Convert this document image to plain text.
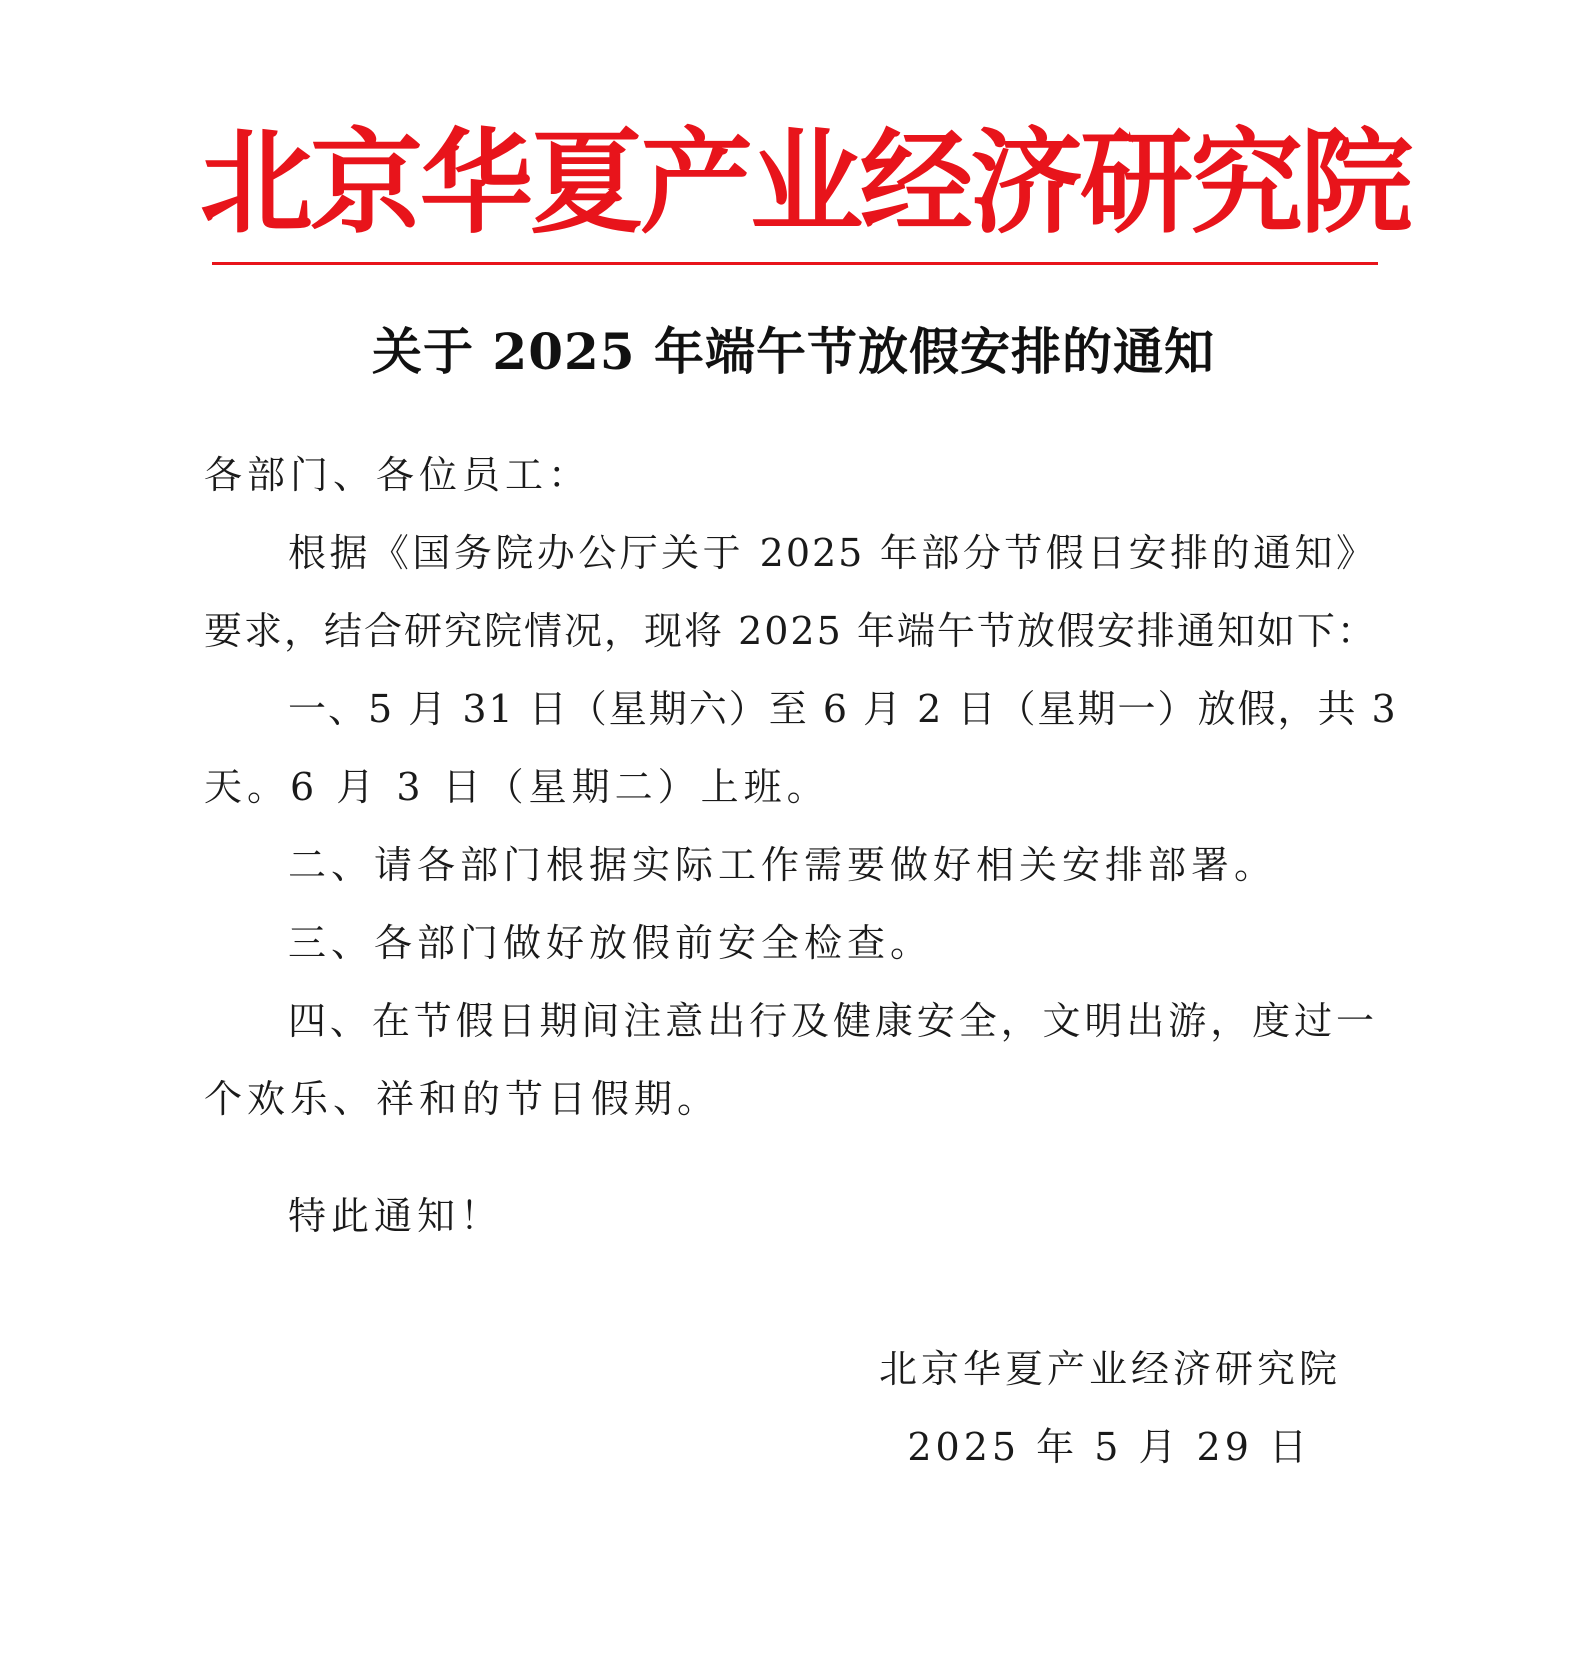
北京华夏产业经济研究院
关于 2025 年端午节放假安排的通知
各部门、各位员工：
根据《国务院办公厅关于 2025 年部分节假日安排的通知》
要求，结合研究院情况，现将 2025 年端午节放假安排通知如下：
一、5 月 31 日（星期六）至 6 月 2 日（星期一）放假，共 3
天。6 月 3 日（星期二）上班。
二、请各部门根据实际工作需要做好相关安排部署。
三、各部门做好放假前安全检查。
四、在节假日期间注意出行及健康安全，文明出游，度过一
个欢乐、祥和的节日假期。
特此通知！
北京华夏产业经济研究院
2025 年 5 月 29 日
